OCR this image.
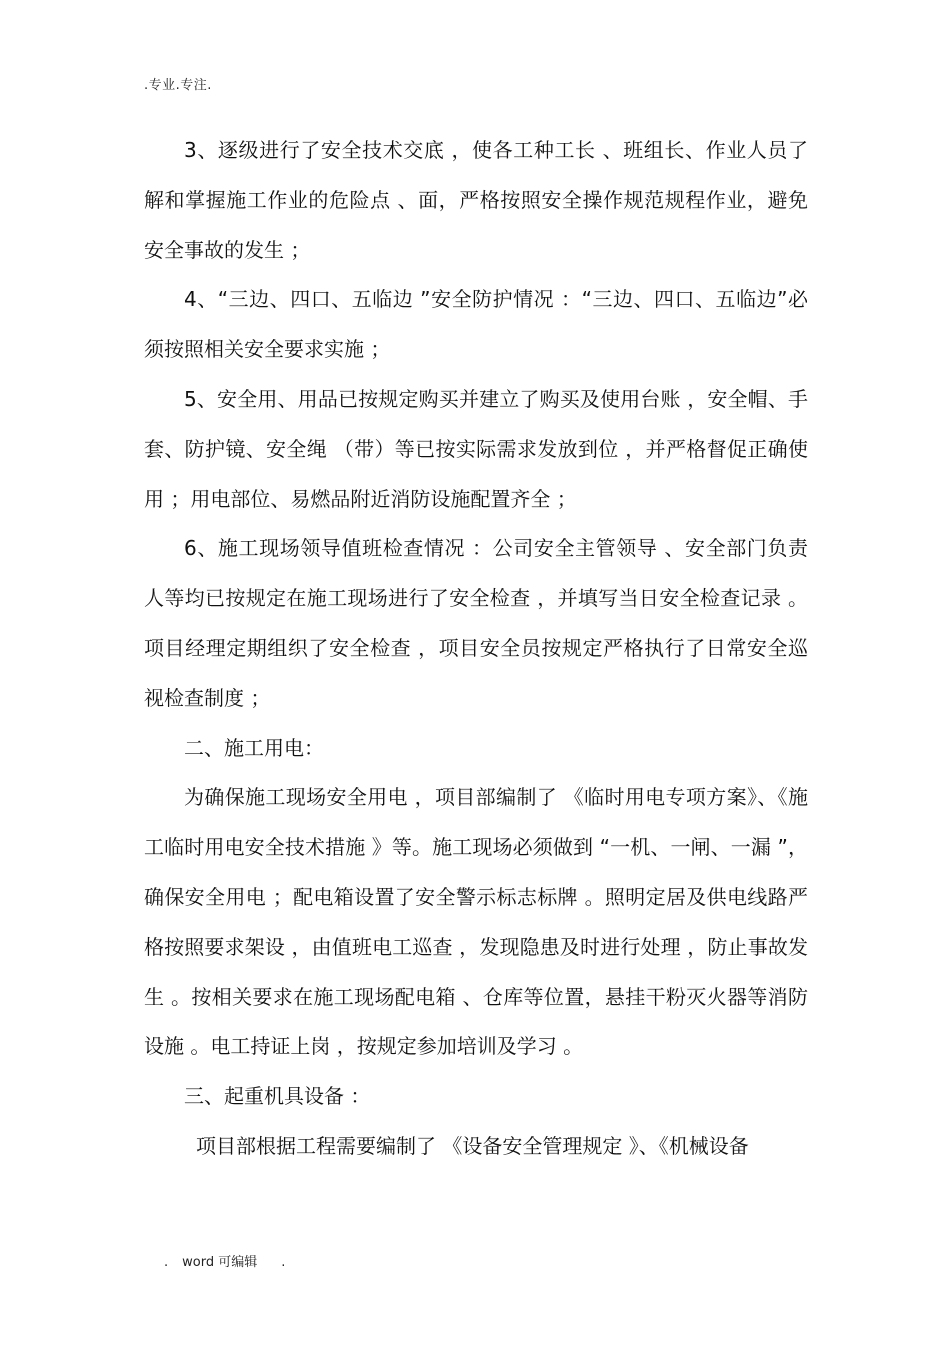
.专业.专注.

3、逐级进行了安全技术交底 ，使各工种工长 、班组长、作业人员了解和掌握施工作业的危险点 、面，严格按照安全操作规范规程作业，避免安全事故的发生 ；

4、“三边、四口、五临边 ”安全防护情况 ：“三边、四口、五临边”必须按照相关安全要求实施 ；

5、安全用、用品已按规定购买并建立了购买及使用台账 ，安全帽、手套、防护镜、安全绳 （带）等已按实际需求发放到位 ，并严格督促正确使用 ；用电部位、易燃品附近消防设施配置齐全 ；

6、施工现场领导值班检查情况 ：公司安全主管领导 、安全部门负责人等均已按规定在施工现场进行了安全检查 ，并填写当日安全检查记录 。项目经理定期组织了安全检查 ，项目安全员按规定严格执行了日常安全巡视检查制度 ；

二、施工用电：

为确保施工现场安全用电 ，项目部编制了 《临时用电专项方案》、《施工临时用电安全技术措施 》等。施工现场必须做到 “一机、一闸、一漏 ”，确保安全用电 ；配电箱设置了安全警示标志标牌 。照明定居及供电线路严格按照要求架设 ，由值班电工巡查 ，发现隐患及时进行处理 ，防止事故发生 。按相关要求在施工现场配电箱 、仓库等位置，悬挂干粉灭火器等消防设施 。电工持证上岗 ，按规定参加培训及学习 。

三、起重机具设备 ：

项目部根据工程需要编制了 《设备安全管理规定 》、《机械设备

. word 可编辑 .
